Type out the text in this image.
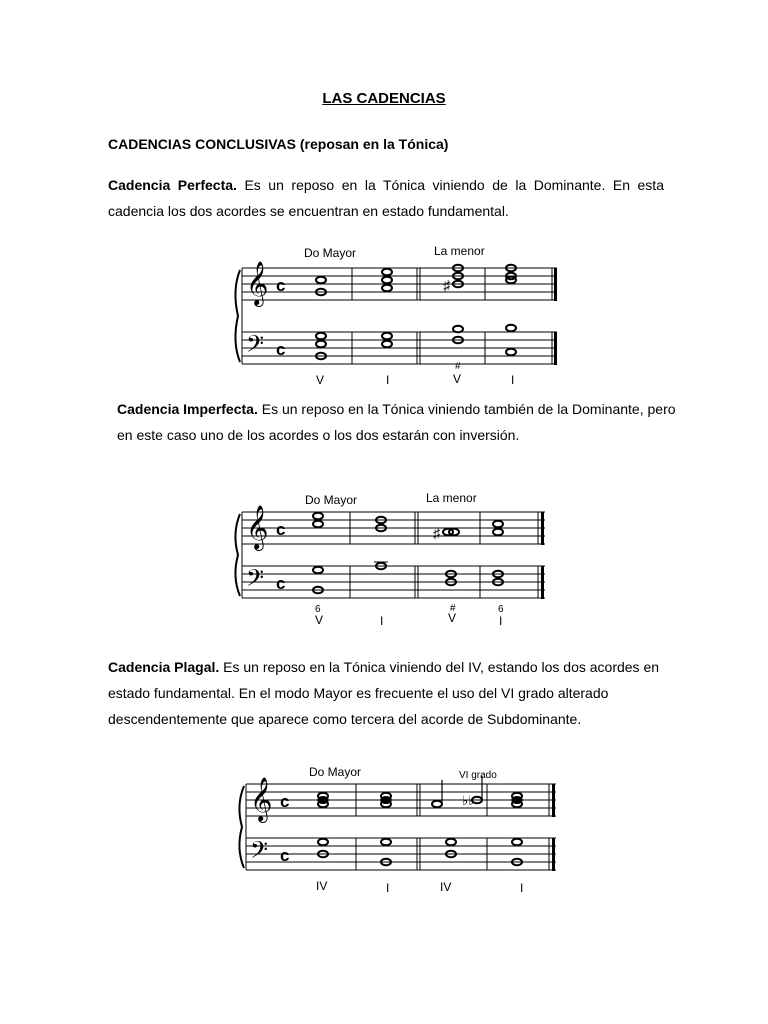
LAS CADENCIAS
CADENCIAS CONCLUSIVAS (reposan en la Tónica)
Cadencia Perfecta. Es un reposo en la Tónica viniendo de la Dominante. En esta cadencia los dos acordes se encuentran en estado fundamental.
𝄞
𝄢
c
c
♯
Do Mayor	La menor
#
V	I	V	I
Cadencia Imperfecta. Es un reposo en la Tónica viniendo también de la Dominante, pero en este caso uno de los acordes o los dos estarán con inversión.
𝄞
𝄢
c
c
♯
Do Mayor	La menor
6	#	6
V	I	V	I
Cadencia Plagal. Es un reposo en la Tónica viniendo del IV, estando los dos acordes en estado fundamental. En el modo Mayor es frecuente el uso del VI grado alterado descendentemente que aparece como tercera del acorde de Subdominante.
𝄞
𝄢
c
c
♭♭
Do Mayor	VI grado
IV	I	IV	I
